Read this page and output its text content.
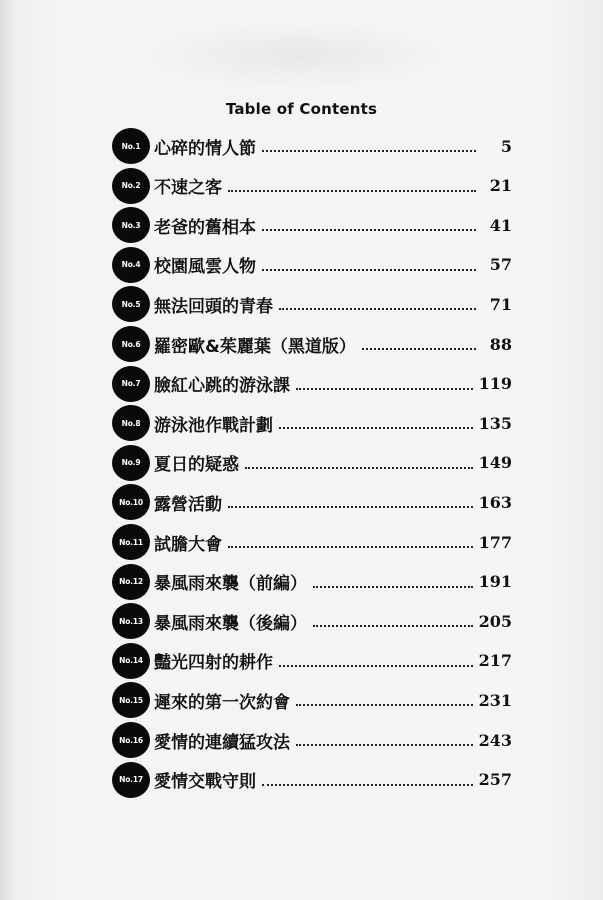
Table of Contents
No.1 心碎的情人節	5
No.2 不速之客	21
No.3 老爸的舊相本	41
No.4 校園風雲人物	57
No.5 無法回頭的青春	71
No.6 羅密歐&茱麗葉（黑道版）	88
No.7 臉紅心跳的游泳課	119
No.8 游泳池作戰計劃	135
No.9 夏日的疑惑	149
No.10 露營活動	163
No.11 試膽大會	177
No.12 暴風雨來襲（前編）	191
No.13 暴風雨來襲（後編）	205
No.14 豔光四射的耕作	217
No.15 遲來的第一次約會	231
No.16 愛情的連續猛攻法	243
No.17 愛情交戰守則	257
